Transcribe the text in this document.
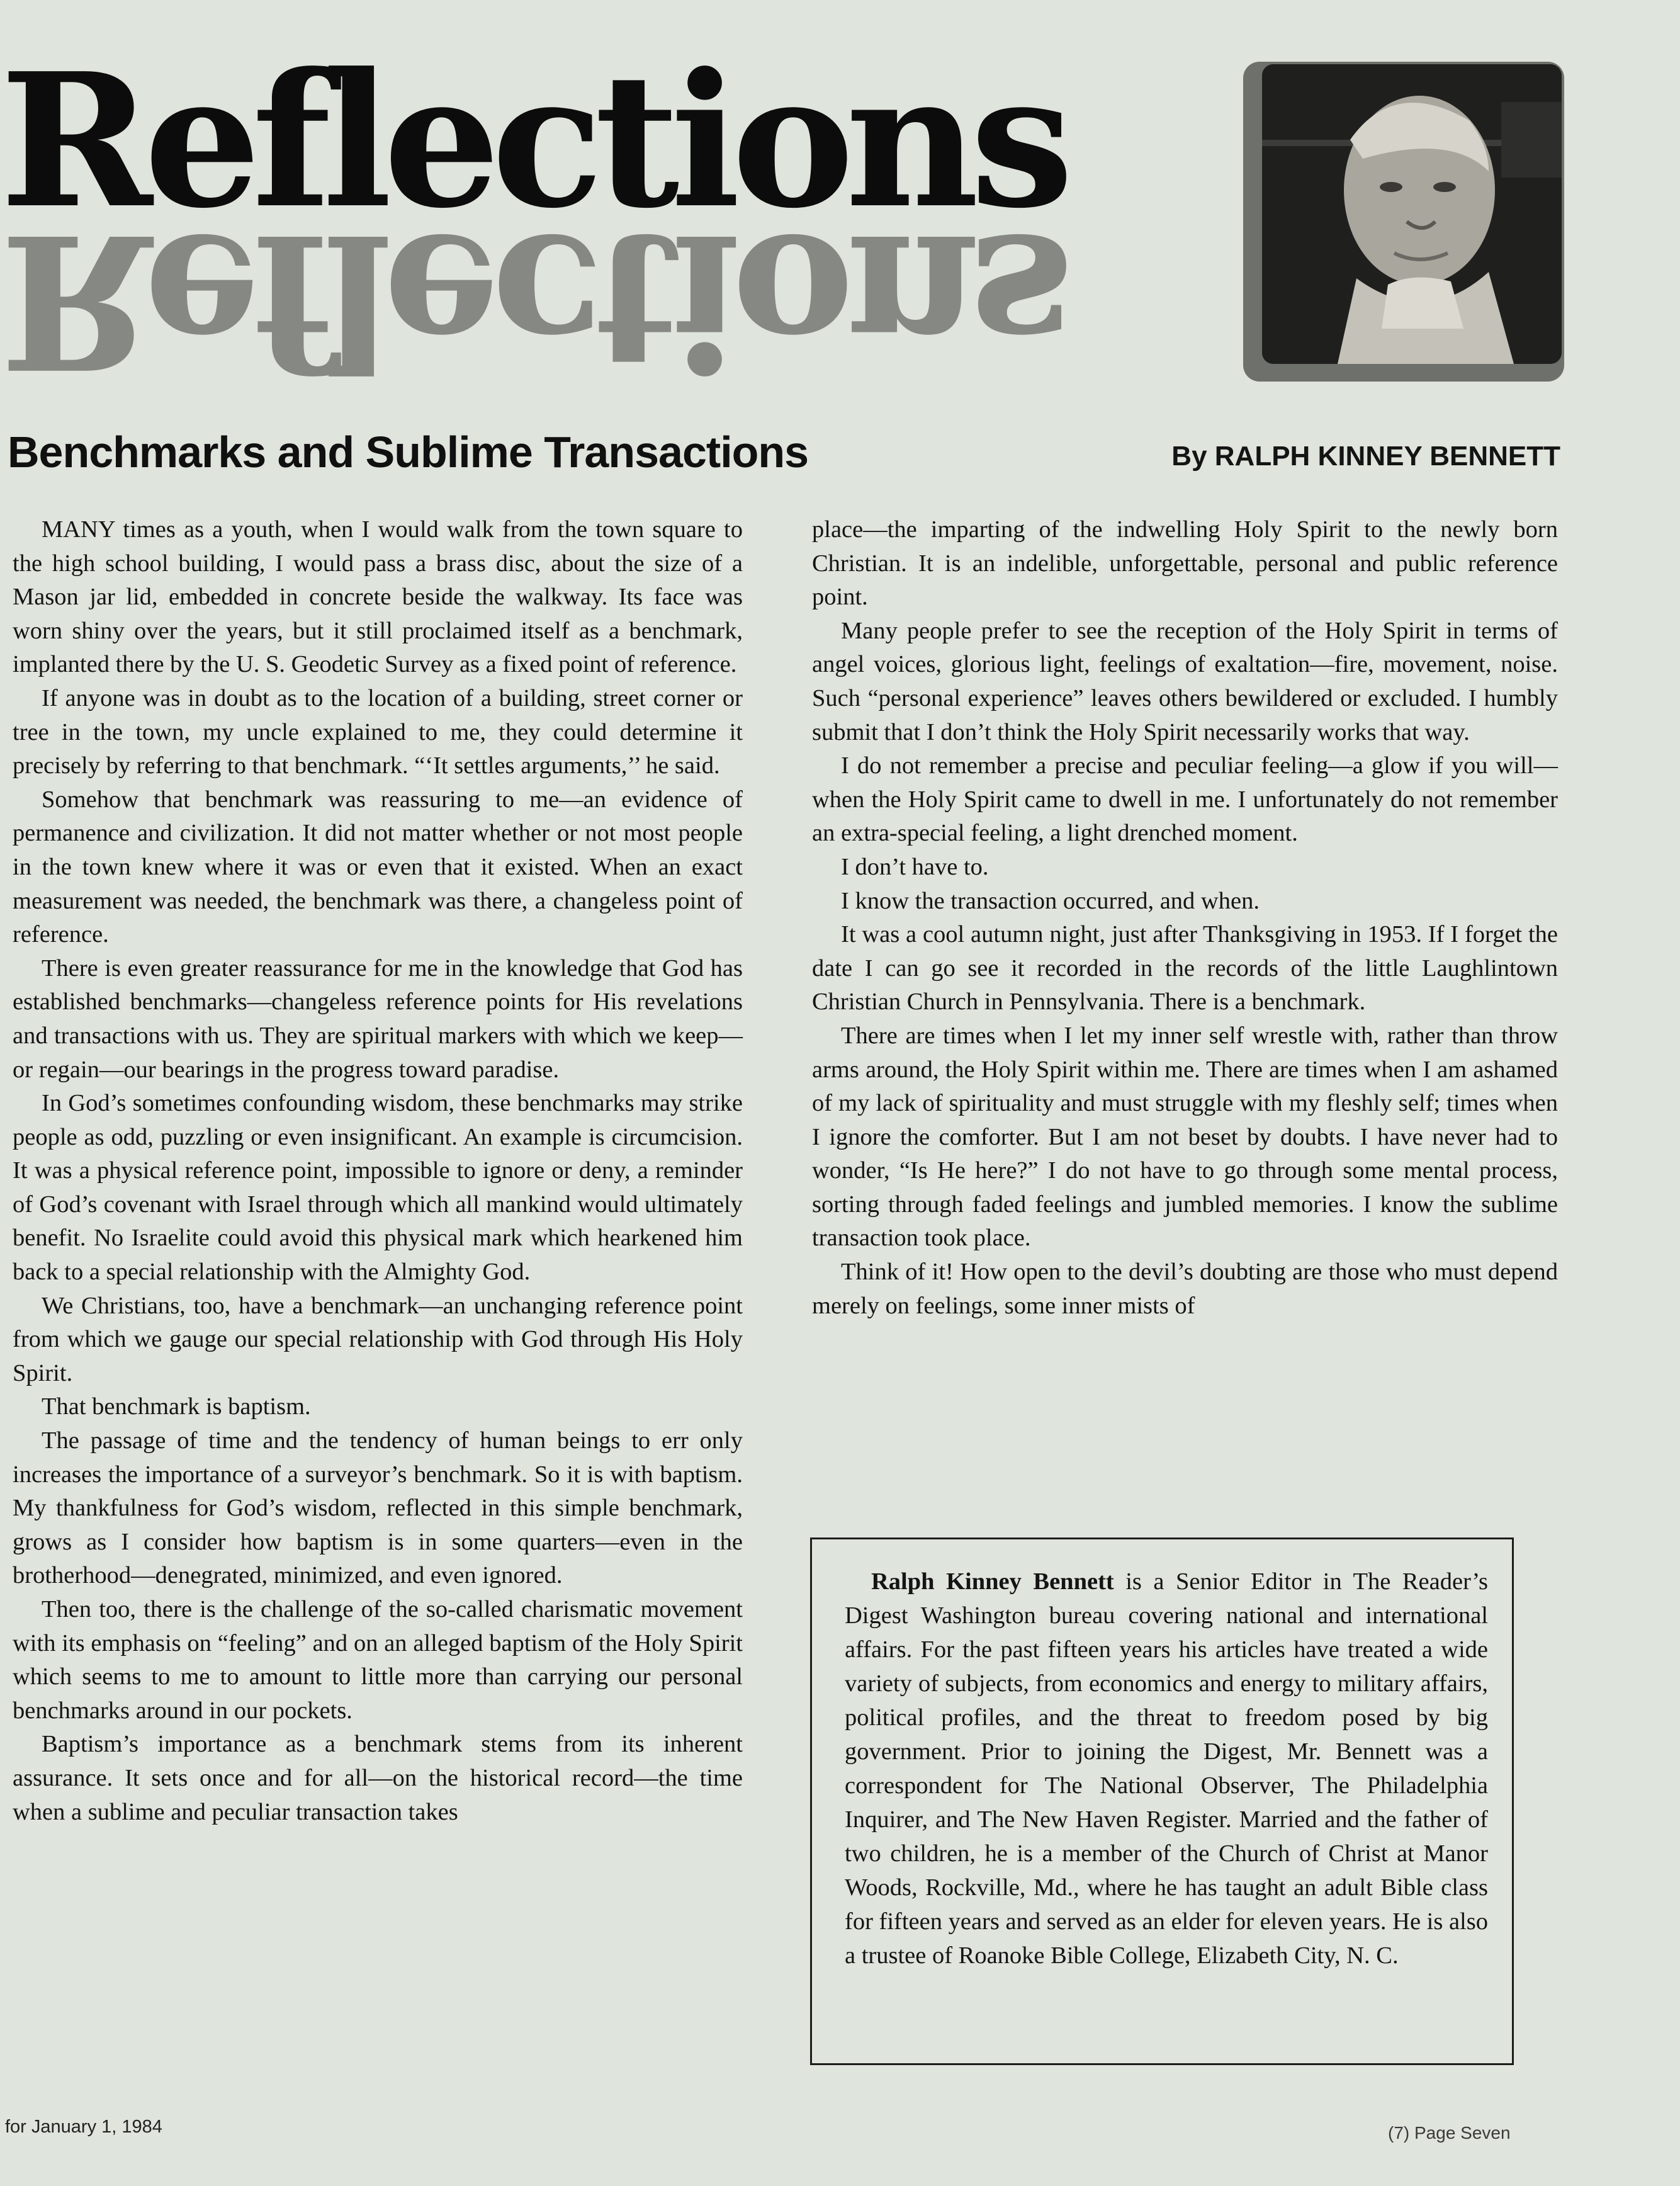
Reflections
Reflections
Benchmarks and Sublime Transactions	By RALPH KINNEY BENNETT

MANY times as a youth, when I would walk from the town square to the high school building, I would pass a brass disc, about the size of a Mason jar lid, embedded in concrete beside the walkway. Its face was worn shiny over the years, but it still proclaimed itself as a benchmark, implanted there by the U. S. Geodetic Survey as a fixed point of reference.

If anyone was in doubt as to the location of a building, street corner or tree in the town, my uncle explained to me, they could determine it precisely by referring to that benchmark. “‘It settles arguments,’’ he said.

Somehow that benchmark was reassuring to me—an evidence of permanence and civilization. It did not matter whether or not most people in the town knew where it was or even that it existed. When an exact measurement was needed, the benchmark was there, a changeless point of reference.

There is even greater reassurance for me in the knowledge that God has established benchmarks—changeless reference points for His revelations and transactions with us. They are spiritual markers with which we keep—or regain—our bearings in the progress toward paradise.

In God’s sometimes confounding wisdom, these benchmarks may strike people as odd, puzzling or even insignificant. An example is circumcision. It was a physical reference point, impossible to ignore or deny, a reminder of God’s covenant with Israel through which all mankind would ultimately benefit. No Israelite could avoid this physical mark which hearkened him back to a special relationship with the Almighty God.

We Christians, too, have a benchmark—an unchanging reference point from which we gauge our special relationship with God through His Holy Spirit.

That benchmark is baptism.

The passage of time and the tendency of human beings to err only increases the importance of a surveyor’s benchmark. So it is with baptism. My thankfulness for God’s wisdom, reflected in this simple benchmark, grows as I consider how baptism is in some quarters—even in the brotherhood—denegrated, minimized, and even ignored.

Then too, there is the challenge of the so-called charismatic movement with its emphasis on “feeling” and on an alleged baptism of the Holy Spirit which seems to me to amount to little more than carrying our personal benchmarks around in our pockets.

Baptism’s importance as a benchmark stems from its inherent assurance. It sets once and for all—on the historical record—the time when a sublime and peculiar transaction takes

place—the imparting of the indwelling Holy Spirit to the newly born Christian. It is an indelible, unforgettable, personal and public reference point.

Many people prefer to see the reception of the Holy Spirit in terms of angel voices, glorious light, feelings of exaltation—fire, movement, noise. Such “personal experience” leaves others bewildered or excluded. I humbly submit that I don’t think the Holy Spirit necessarily works that way.

I do not remember a precise and peculiar feeling—a glow if you will—when the Holy Spirit came to dwell in me. I unfortunately do not remember an extra-special feeling, a light drenched moment.

I don’t have to.

I know the transaction occurred, and when.

It was a cool autumn night, just after Thanksgiving in 1953. If I forget the date I can go see it recorded in the records of the little Laughlintown Christian Church in Pennsylvania. There is a benchmark.

There are times when I let my inner self wrestle with, rather than throw arms around, the Holy Spirit within me. There are times when I am ashamed of my lack of spirituality and must struggle with my fleshly self; times when I ignore the comforter. But I am not beset by doubts. I have never had to wonder, “Is He here?” I do not have to go through some mental process, sorting through faded feelings and jumbled memories. I know the sublime transaction took place.

Think of it! How open to the devil’s doubting are those who must depend merely on feelings, some inner mists of

Ralph Kinney Bennett is a Senior Editor in The Reader’s Digest Washington bureau covering national and international affairs. For the past fifteen years his articles have treated a wide variety of subjects, from economics and energy to military affairs, political profiles, and the threat to freedom posed by big government. Prior to joining the Digest, Mr. Bennett was a correspondent for The National Observer, The Philadelphia Inquirer, and The New Haven Register. Married and the father of two children, he is a member of the Church of Christ at Manor Woods, Rockville, Md., where he has taught an adult Bible class for fifteen years and served as an elder for eleven years. He is also a trustee of Roanoke Bible College, Elizabeth City, N. C.

for January 1, 1984	(7) Page Seven
